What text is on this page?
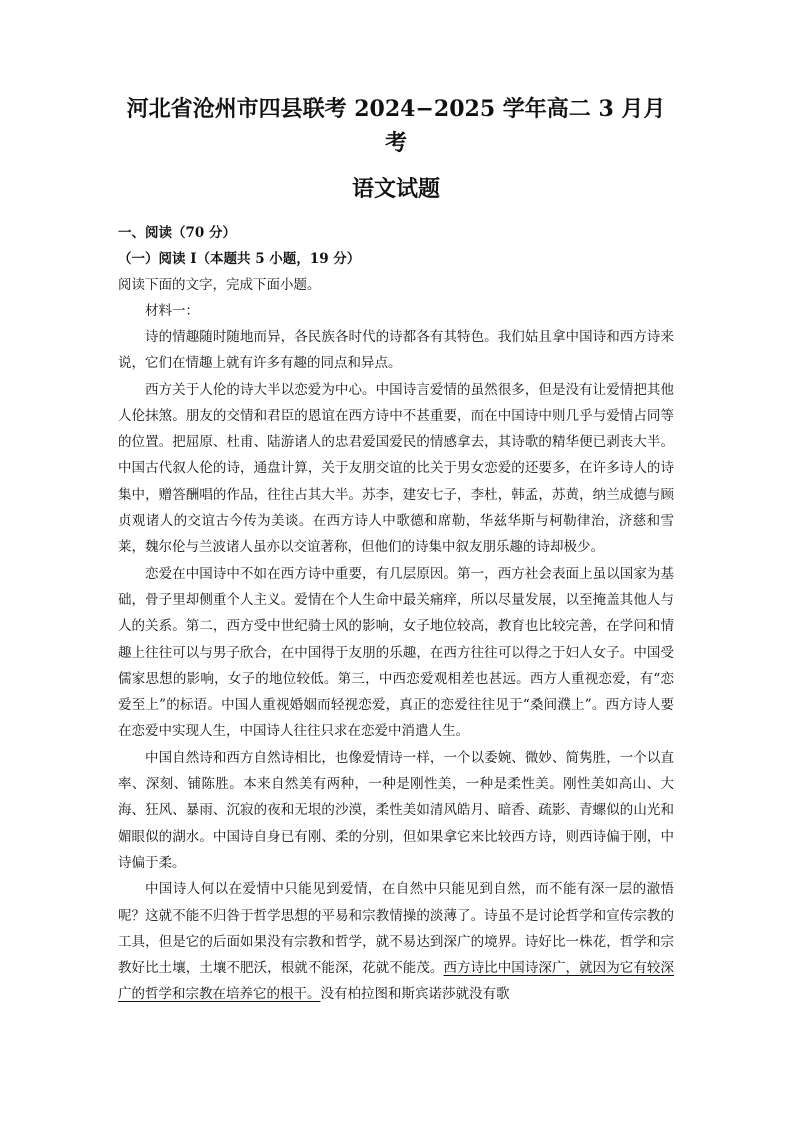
河北省沧州市四县联考 2024−2025 学年高二 3 月月考
语文试题

一、阅读（70 分）

（一）阅读 I（本题共 5 小题，19 分）

阅读下面的文字，完成下面小题。

材料一：

诗的情趣随时随地而异，各民族各时代的诗都各有其特色。我们姑且拿中国诗和西方诗来说，它们在情趣上就有许多有趣的同点和异点。

西方关于人伦的诗大半以恋爱为中心。中国诗言爱情的虽然很多，但是没有让爱情把其他人伦抹煞。朋友的交情和君臣的恩谊在西方诗中不甚重要，而在中国诗中则几乎与爱情占同等的位置。把屈原、杜甫、陆游诸人的忠君爱国爱民的情感拿去，其诗歌的精华便已剥丧大半。中国古代叙人伦的诗，通盘计算，关于友朋交谊的比关于男女恋爱的还要多，在许多诗人的诗集中，赠答酬唱的作品，往往占其大半。苏李，建安七子，李杜，韩孟，苏黄，纳兰成德与顾贞观诸人的交谊古今传为美谈。在西方诗人中歌德和席勒，华兹华斯与柯勒律治，济慈和雪莱，魏尔伦与兰波诸人虽亦以交谊著称，但他们的诗集中叙友朋乐趣的诗却极少。

恋爱在中国诗中不如在西方诗中重要，有几层原因。第一，西方社会表面上虽以国家为基础，骨子里却侧重个人主义。爱情在个人生命中最关痛痒，所以尽量发展，以至掩盖其他人与人的关系。第二，西方受中世纪骑士风的影响，女子地位较高，教育也比较完善，在学问和情趣上往往可以与男子欣合，在中国得于友朋的乐趣，在西方往往可以得之于妇人女子。中国受儒家思想的影响，女子的地位较低。第三，中西恋爱观相差也甚远。西方人重视恋爱，有“恋爱至上”的标语。中国人重视婚姻而轻视恋爱，真正的恋爱往往见于“桑间濮上”。西方诗人要在恋爱中实现人生，中国诗人往往只求在恋爱中消遣人生。

中国自然诗和西方自然诗相比，也像爱情诗一样，一个以委婉、微妙、简隽胜，一个以直率、深刻、铺陈胜。本来自然美有两种，一种是刚性美，一种是柔性美。刚性美如高山、大海、狂风、暴雨、沉寂的夜和无垠的沙漠，柔性美如清风皓月、暗香、疏影、青螺似的山光和媚眼似的湖水。中国诗自身已有刚、柔的分别，但如果拿它来比较西方诗，则西诗偏于刚，中诗偏于柔。

中国诗人何以在爱情中只能见到爱情，在自然中只能见到自然，而不能有深一层的澈悟呢？这就不能不归咎于哲学思想的平易和宗教情操的淡薄了。诗虽不是讨论哲学和宣传宗教的工具，但是它的后面如果没有宗教和哲学，就不易达到深广的境界。诗好比一株花，哲学和宗教好比土壤，土壤不肥沃，根就不能深，花就不能茂。西方诗比中国诗深广，就因为它有较深广的哲学和宗教在培养它的根干。没有柏拉图和斯宾诺莎就没有歌
